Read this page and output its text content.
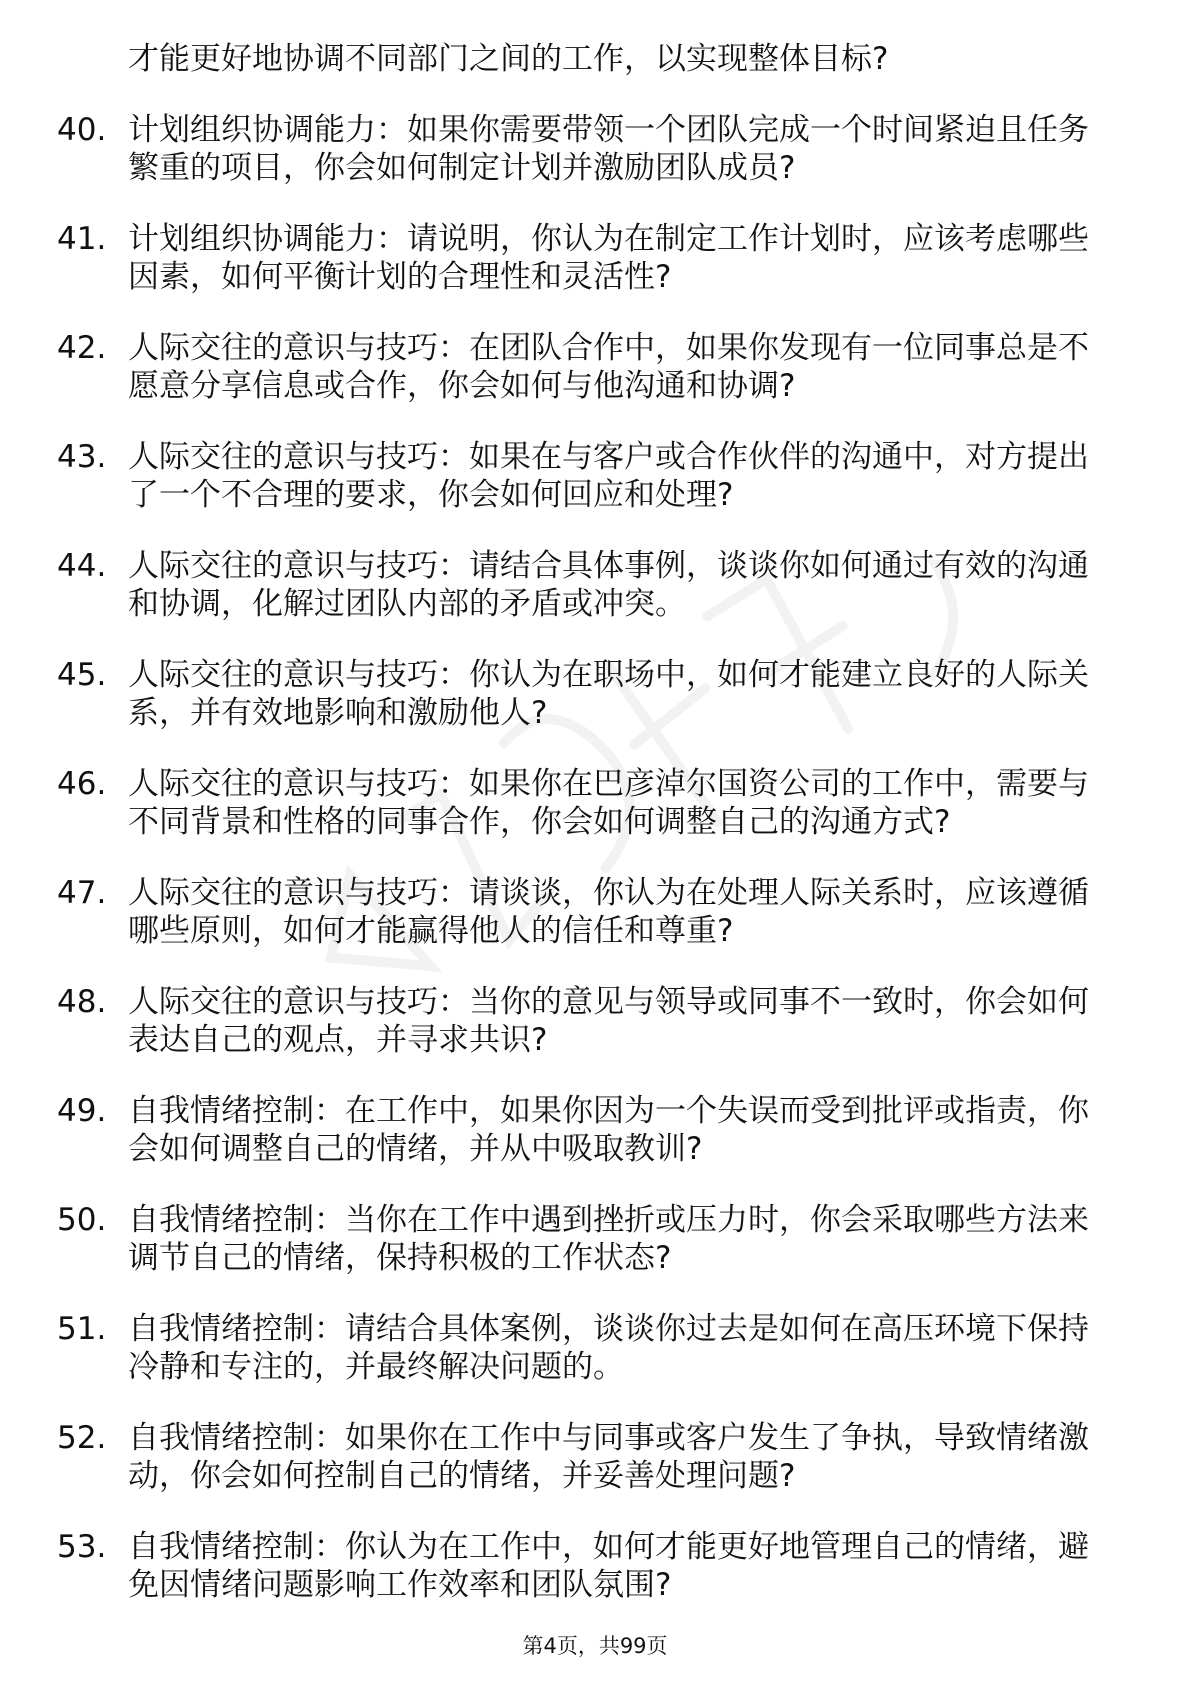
才能更好地协调不同部门之间的工作，以实现整体目标?
40. 计划组织协调能力：如果你需要带领一个团队完成一个时间紧迫且任务繁重的项目，你会如何制定计划并激励团队成员?
41. 计划组织协调能力：请说明，你认为在制定工作计划时，应该考虑哪些因素，如何平衡计划的合理性和灵活性?
42. 人际交往的意识与技巧：在团队合作中，如果你发现有一位同事总是不愿意分享信息或合作，你会如何与他沟通和协调?
43. 人际交往的意识与技巧：如果在与客户或合作伙伴的沟通中，对方提出了一个不合理的要求，你会如何回应和处理?
44. 人际交往的意识与技巧：请结合具体事例，谈谈你如何通过有效的沟通和协调，化解过团队内部的矛盾或冲突。
45. 人际交往的意识与技巧：你认为在职场中，如何才能建立良好的人际关系，并有效地影响和激励他人?
46. 人际交往的意识与技巧：如果你在巴彦淖尔国资公司的工作中，需要与不同背景和性格的同事合作，你会如何调整自己的沟通方式?
47. 人际交往的意识与技巧：请谈谈，你认为在处理人际关系时，应该遵循哪些原则，如何才能赢得他人的信任和尊重?
48. 人际交往的意识与技巧：当你的意见与领导或同事不一致时，你会如何表达自己的观点，并寻求共识?
49. 自我情绪控制：在工作中，如果你因为一个失误而受到批评或指责，你会如何调整自己的情绪，并从中吸取教训?
50. 自我情绪控制：当你在工作中遇到挫折或压力时，你会采取哪些方法来调节自己的情绪，保持积极的工作状态?
51. 自我情绪控制：请结合具体案例，谈谈你过去是如何在高压环境下保持冷静和专注的，并最终解决问题的。
52. 自我情绪控制：如果你在工作中与同事或客户发生了争执，导致情绪激动，你会如何控制自己的情绪，并妥善处理问题?
53. 自我情绪控制：你认为在工作中，如何才能更好地管理自己的情绪，避免因情绪问题影响工作效率和团队氛围?
第4页，共99页
